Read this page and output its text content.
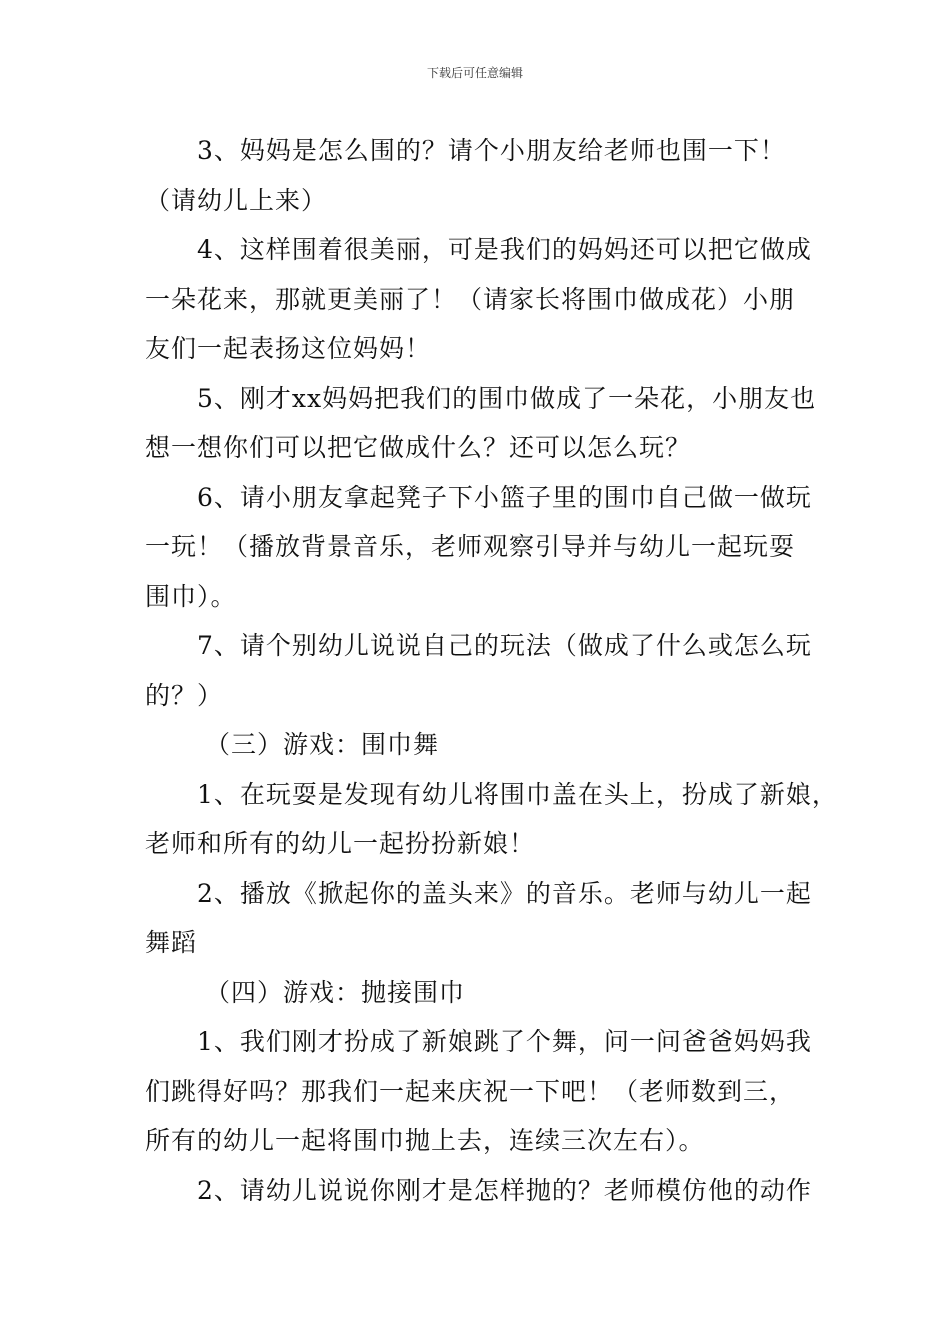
下载后可任意编辑
3、妈妈是怎么围的？请个小朋友给老师也围一下！
（请幼儿上来）
4、这样围着很美丽，可是我们的妈妈还可以把它做成
一朵花来，那就更美丽了！（请家长将围巾做成花）小朋
友们一起表扬这位妈妈！
5、刚才xx妈妈把我们的围巾做成了一朵花，小朋友也
想一想你们可以把它做成什么？还可以怎么玩？
6、请小朋友拿起凳子下小篮子里的围巾自己做一做玩
一玩！（播放背景音乐，老师观察引导并与幼儿一起玩耍
围巾）。
7、请个别幼儿说说自己的玩法（做成了什么或怎么玩
的？）
（三）游戏：围巾舞
1、在玩耍是发现有幼儿将围巾盖在头上，扮成了新娘，
老师和所有的幼儿一起扮扮新娘！
2、播放《掀起你的盖头来》的音乐。老师与幼儿一起
舞蹈
（四）游戏：抛接围巾
1、我们刚才扮成了新娘跳了个舞，问一问爸爸妈妈我
们跳得好吗？那我们一起来庆祝一下吧！（老师数到三，
所有的幼儿一起将围巾抛上去，连续三次左右）。
2、请幼儿说说你刚才是怎样抛的？老师模仿他的动作
